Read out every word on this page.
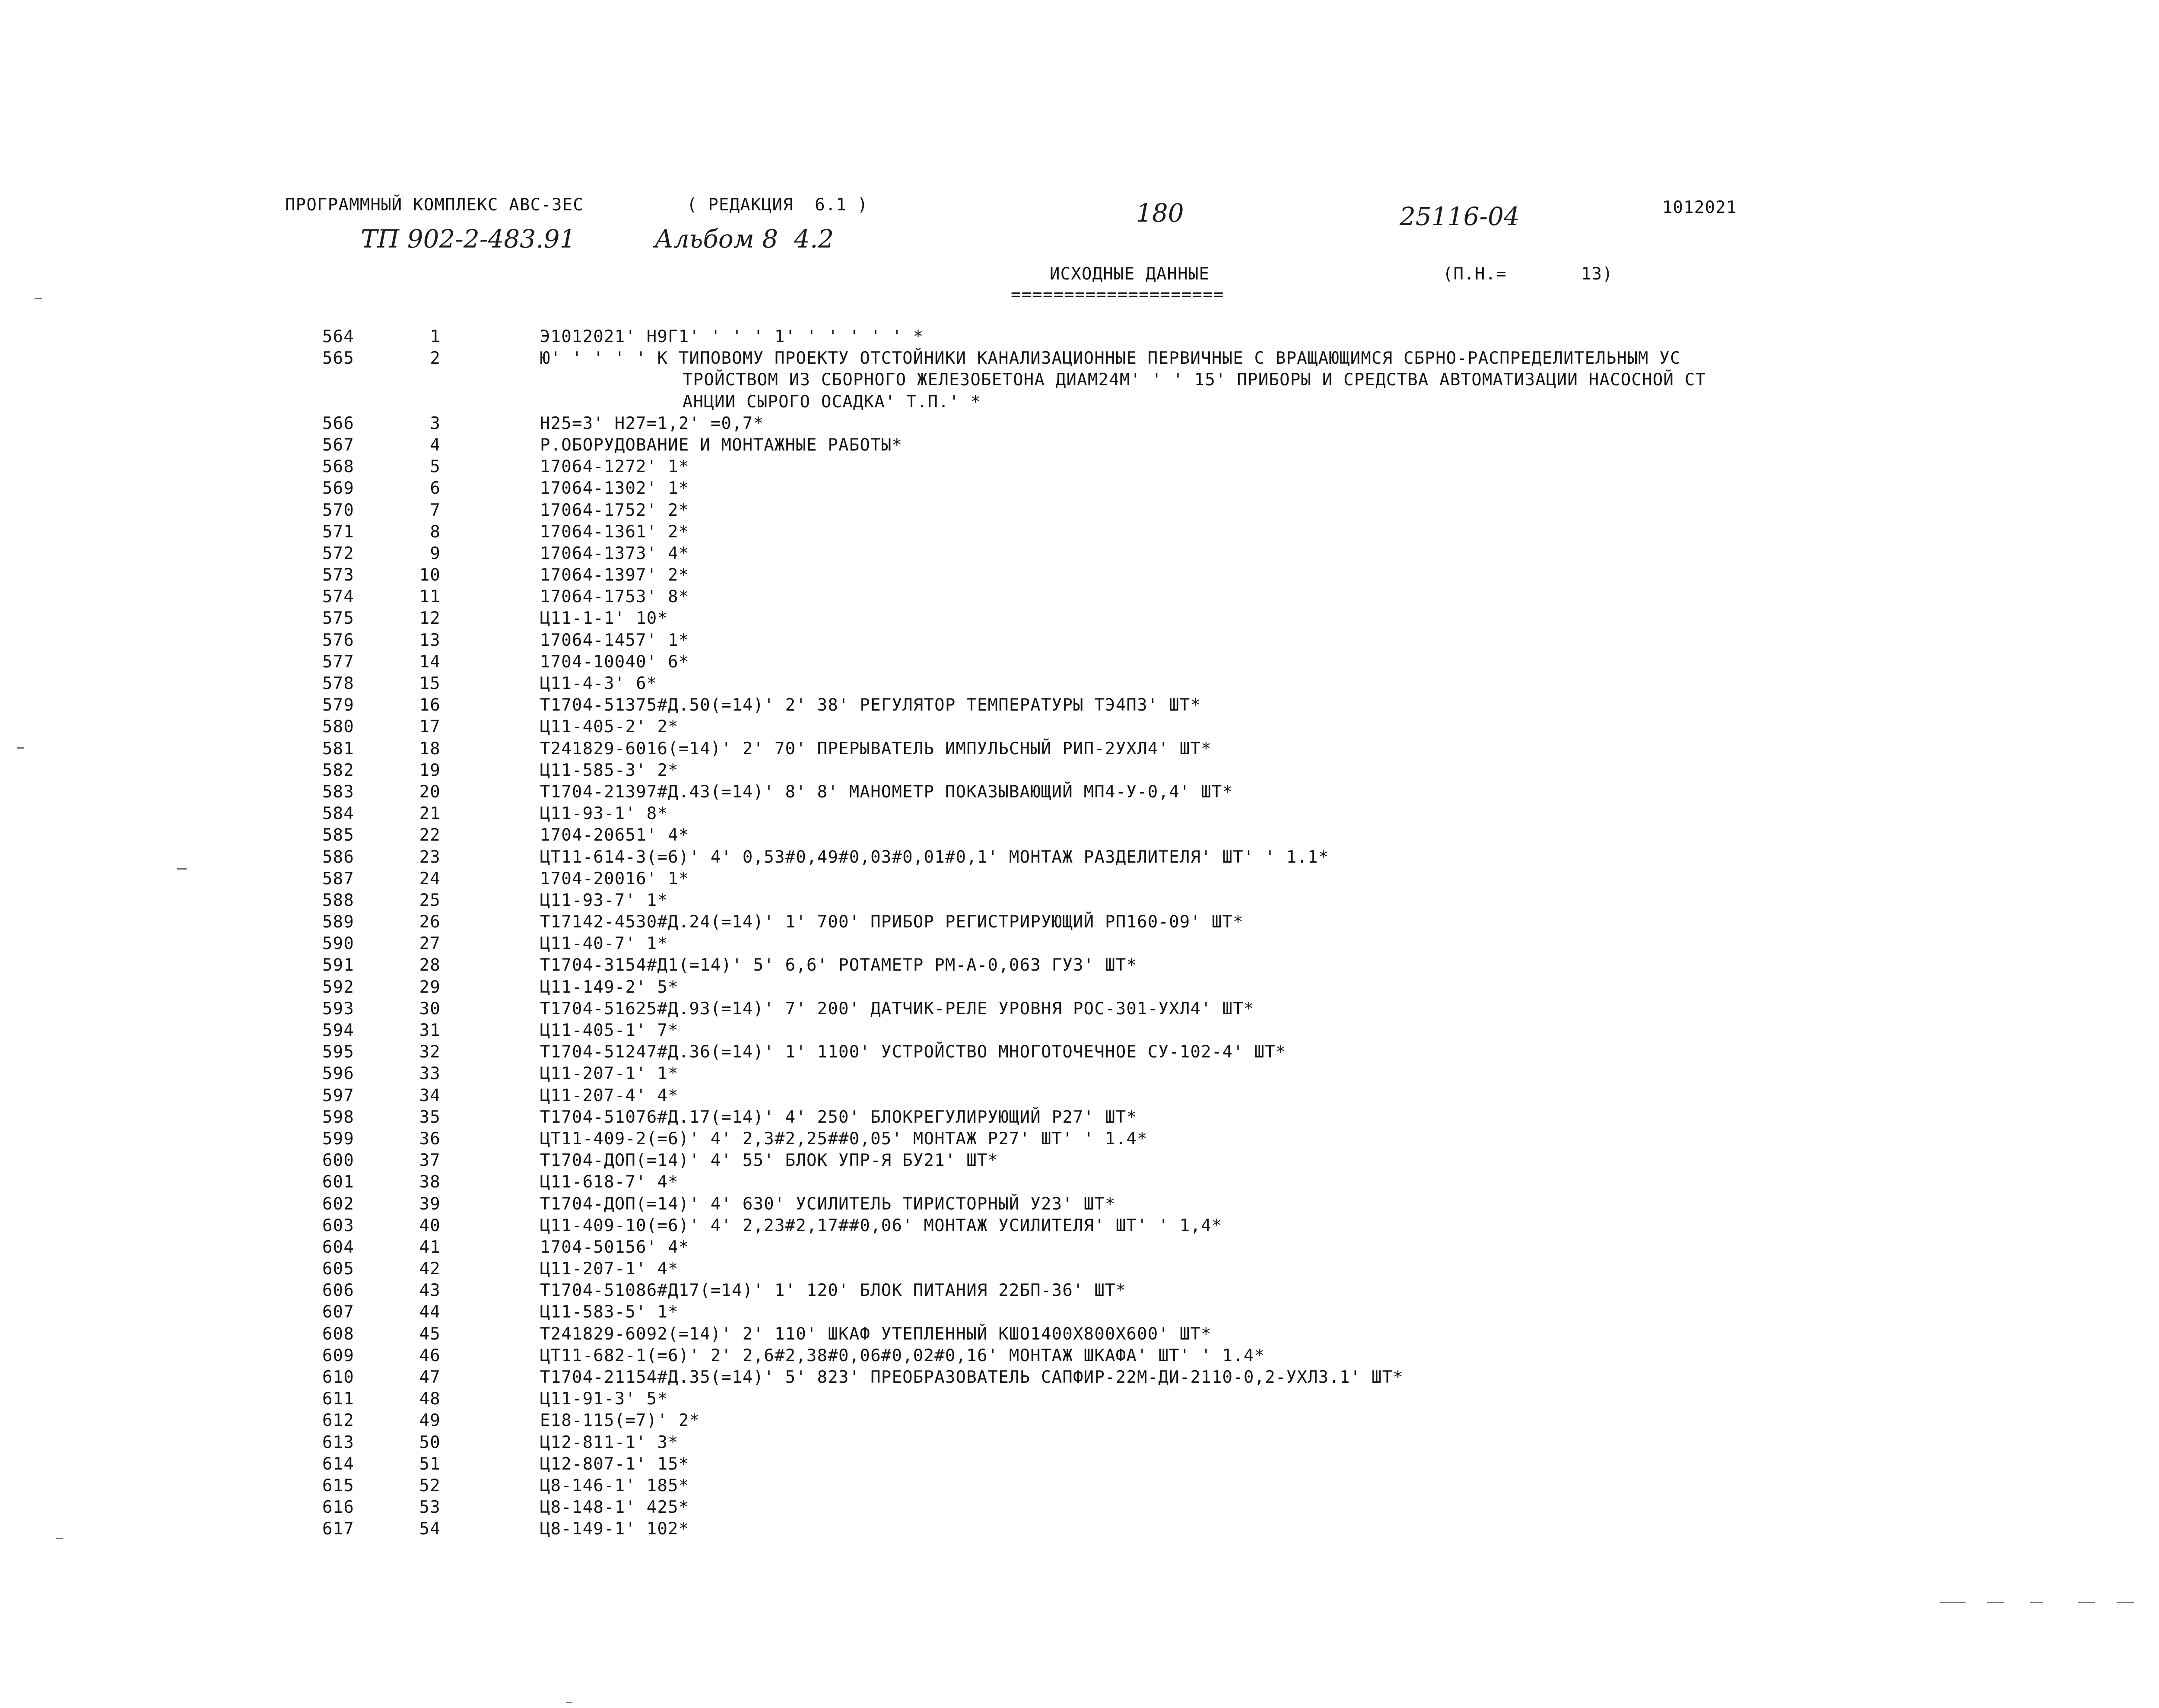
ПРОГРАММНЫЙ КОМПЛЕКС АВС-3ЕС	( РЕДАКЦИЯ  6.1 )	180	25116-04	1012021
ТП 902-2-483.91	Альбом 8  4.2
ИСХОДНЫЕ ДАННЫЕ
====================
(П.Н.=	13)
564	1	Э1012021' Н9Г1' ' ' ' 1' ' ' ' ' ' *
565	2	Ю' ' ' ' ' К ТИПОВОМУ ПРОЕКТУ ОТСТОЙНИКИ КАНАЛИЗАЦИОННЫЕ ПЕРВИЧНЫЕ С ВРАЩАЮЩИМСЯ СБРНО-РАСПРЕДЕЛИТЕЛЬНЫМ УС
ТРОЙСТВОМ ИЗ СБОРНОГО ЖЕЛЕЗОБЕТОНА ДИАМ24М' ' ' 15' ПРИБОРЫ И СРЕДСТВА АВТОМАТИЗАЦИИ НАСОСНОЙ СТ
АНЦИИ СЫРОГО ОСАДКА' Т.П.' *
566	3	Н25=3' Н27=1,2' =0,7*
567	4	Р.ОБОРУДОВАНИЕ И МОНТАЖНЫЕ РАБОТЫ*
568	5	17064-1272' 1*
569	6	17064-1302' 1*
570	7	17064-1752' 2*
571	8	17064-1361' 2*
572	9	17064-1373' 4*
573	10	17064-1397' 2*
574	11	17064-1753' 8*
575	12	Ц11-1-1' 10*
576	13	17064-1457' 1*
577	14	1704-10040' 6*
578	15	Ц11-4-3' 6*
579	16	Т1704-51375#Д.50(=14)' 2' 38' РЕГУЛЯТОР ТЕМПЕРАТУРЫ ТЭ4П3' ШТ*
580	17	Ц11-405-2' 2*
581	18	Т241829-6016(=14)' 2' 70' ПРЕРЫВАТЕЛЬ ИМПУЛЬСНЫЙ РИП-2УХЛ4' ШТ*
582	19	Ц11-585-3' 2*
583	20	Т1704-21397#Д.43(=14)' 8' 8' МАНОМЕТР ПОКАЗЫВАЮЩИЙ МП4-У-0,4' ШТ*
584	21	Ц11-93-1' 8*
585	22	1704-20651' 4*
586	23	ЦТ11-614-3(=6)' 4' 0,53#0,49#0,03#0,01#0,1' МОНТАЖ РАЗДЕЛИТЕЛЯ' ШТ' ' 1.1*
587	24	1704-20016' 1*
588	25	Ц11-93-7' 1*
589	26	Т17142-4530#Д.24(=14)' 1' 700' ПРИБОР РЕГИСТРИРУЮЩИЙ РП160-09' ШТ*
590	27	Ц11-40-7' 1*
591	28	Т1704-3154#Д1(=14)' 5' 6,6' РОТАМЕТР РМ-А-0,063 ГУЗ' ШТ*
592	29	Ц11-149-2' 5*
593	30	Т1704-51625#Д.93(=14)' 7' 200' ДАТЧИК-РЕЛЕ УРОВНЯ РОС-301-УХЛ4' ШТ*
594	31	Ц11-405-1' 7*
595	32	Т1704-51247#Д.36(=14)' 1' 1100' УСТРОЙСТВО МНОГОТОЧЕЧНОЕ СУ-102-4' ШТ*
596	33	Ц11-207-1' 1*
597	34	Ц11-207-4' 4*
598	35	Т1704-51076#Д.17(=14)' 4' 250' БЛОКРЕГУЛИРУЮЩИЙ Р27' ШТ*
599	36	ЦТ11-409-2(=6)' 4' 2,3#2,25##0,05' МОНТАЖ Р27' ШТ' ' 1.4*
600	37	Т1704-ДОП(=14)' 4' 55' БЛОК УПР-Я БУ21' ШТ*
601	38	Ц11-618-7' 4*
602	39	Т1704-ДОП(=14)' 4' 630' УСИЛИТЕЛЬ ТИРИСТОРНЫЙ У23' ШТ*
603	40	Ц11-409-10(=6)' 4' 2,23#2,17##0,06' МОНТАЖ УСИЛИТЕЛЯ' ШТ' ' 1,4*
604	41	1704-50156' 4*
605	42	Ц11-207-1' 4*
606	43	Т1704-51086#Д17(=14)' 1' 120' БЛОК ПИТАНИЯ 22БП-36' ШТ*
607	44	Ц11-583-5' 1*
608	45	Т241829-6092(=14)' 2' 110' ШКАФ УТЕПЛЕННЫЙ КШО1400Х800Х600' ШТ*
609	46	ЦТ11-682-1(=6)' 2' 2,6#2,38#0,06#0,02#0,16' МОНТАЖ ШКАФА' ШТ' ' 1.4*
610	47	Т1704-21154#Д.35(=14)' 5' 823' ПРЕОБРАЗОВАТЕЛЬ САПФИР-22М-ДИ-2110-0,2-УХЛ3.1' ШТ*
611	48	Ц11-91-3' 5*
612	49	Е18-115(=7)' 2*
613	50	Ц12-811-1' 3*
614	51	Ц12-807-1' 15*
615	52	Ц8-146-1' 185*
616	53	Ц8-148-1' 425*
617	54	Ц8-149-1' 102*
